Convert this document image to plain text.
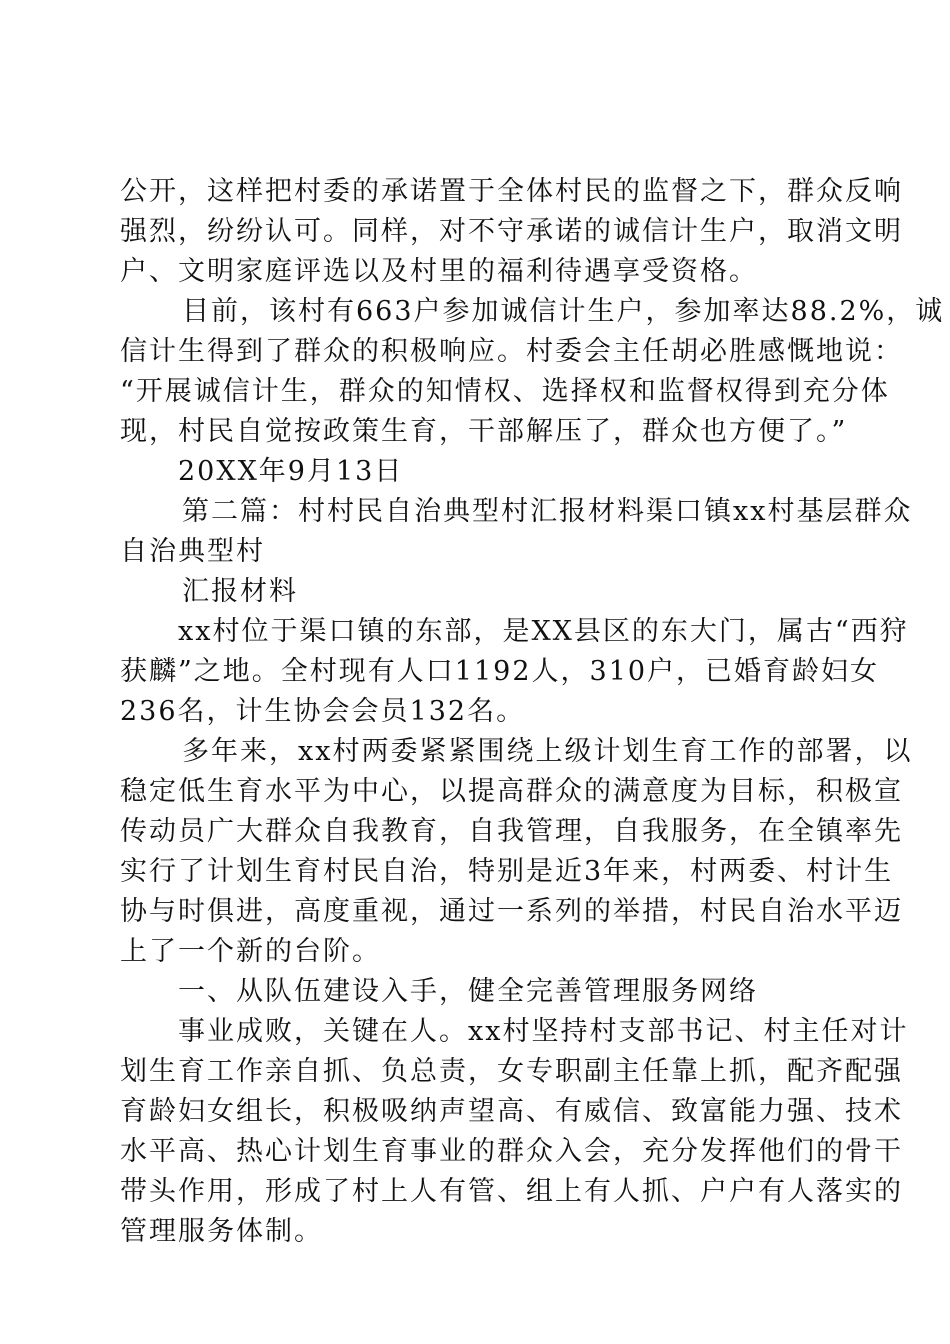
公开，这样把村委的承诺置于全体村民的监督之下，群众反响
强烈，纷纷认可。同样，对不守承诺的诚信计生户，取消文明
户、文明家庭评选以及村里的福利待遇享受资格。
目前，该村有663户参加诚信计生户，参加率达88.2%，诚
信计生得到了群众的积极响应。村委会主任胡必胜感慨地说：
“开展诚信计生，群众的知情权、选择权和监督权得到充分体
现，村民自觉按政策生育，干部解压了，群众也方便了。”
20XX年9月13日
第二篇：村村民自治典型村汇报材料渠口镇xx村基层群众
自治典型村
汇报材料
xx村位于渠口镇的东部，是XX县区的东大门，属古“西狩
获麟”之地。全村现有人口1192人，310户，已婚育龄妇女
236名，计生协会会员132名。
多年来，xx村两委紧紧围绕上级计划生育工作的部署，以
稳定低生育水平为中心，以提高群众的满意度为目标，积极宣
传动员广大群众自我教育，自我管理，自我服务，在全镇率先
实行了计划生育村民自治，特别是近3年来，村两委、村计生
协与时俱进，高度重视，通过一系列的举措，村民自治水平迈
上了一个新的台阶。
一、从队伍建设入手，健全完善管理服务网络
事业成败，关键在人。xx村坚持村支部书记、村主任对计
划生育工作亲自抓、负总责，女专职副主任靠上抓，配齐配强
育龄妇女组长，积极吸纳声望高、有威信、致富能力强、技术
水平高、热心计划生育事业的群众入会，充分发挥他们的骨干
带头作用，形成了村上人有管、组上有人抓、户户有人落实的
管理服务体制。
